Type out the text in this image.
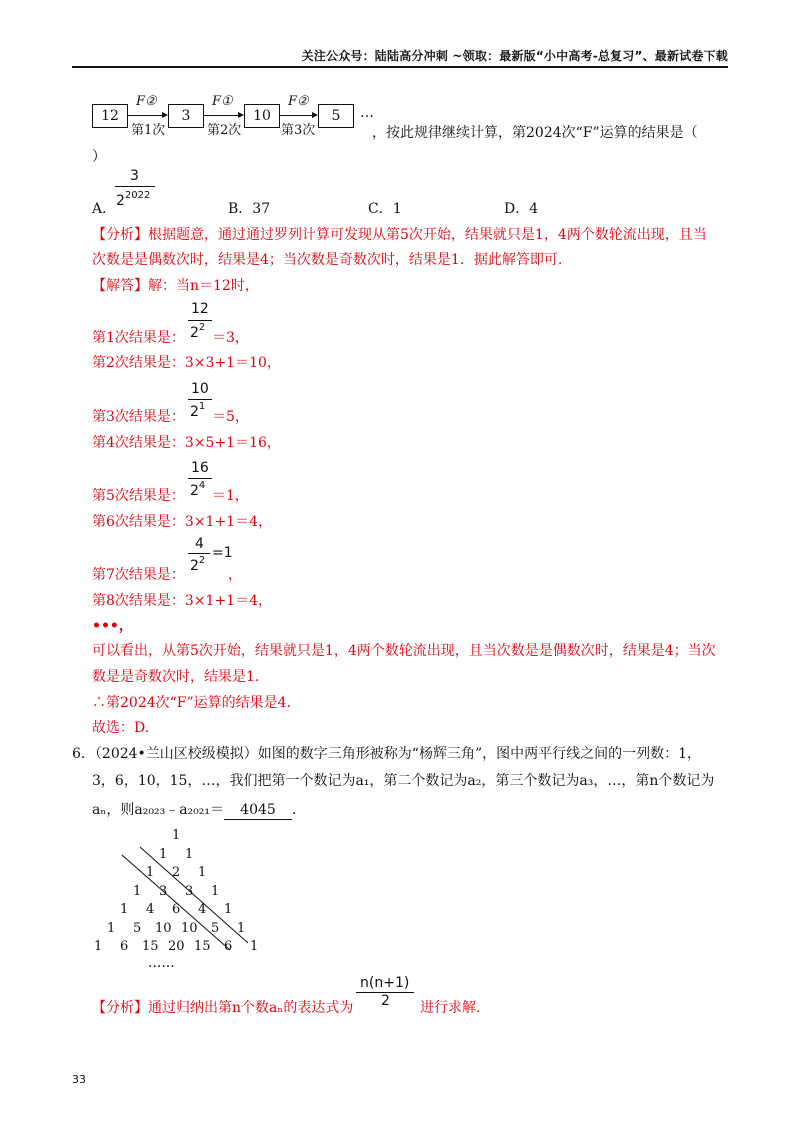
关注公众号：陆陆高分冲刺 ~领取：最新版“小中高考-总复习”、最新试卷下载
12
F②
第1次
3
F①
第2次
10
F②
第3次
5	…
，按此规律继续计算，第2024次“F”运算的结果是（
）
A．
3
$2^{2022}$
B．37	C．1	D．4
【分析】根据题意，通过通过罗列计算可发现从第5次开始，结果就只是1，4两个数轮流出现，且当
次数是是偶数次时，结果是4；当次数是奇数次时，结果是1．据此解答即可.
【解答】解：当n＝12时，
12
$2^2$
第1次结果是： ＝3，
第2次结果是：3×3+1＝10，
10
$2^1$
第3次结果是： ＝5，
第4次结果是：3×5+1＝16，
16
$2^4$
第5次结果是： ＝1，
第6次结果是：3×1+1＝4，
4
$2^2 =1$
第7次结果是：	，
第8次结果是：3×1+1＝4，
•••，
可以看出，从第5次开始，结果就只是1，4两个数轮流出现，且当次数是是偶数次时，结果是4；当次
数是是奇数次时，结果是1.
∴第2024次“F”运算的结果是4.
故选：D.
6．（2024•兰山区校级模拟）如图的数字三角形被称为“杨辉三角”，图中两平行线之间的一列数：1，
3，6，10，15，…，我们把第一个数记为a₁，第二个数记为a₂，第三个数记为a₃，…，第n个数记为
aₙ，则a₂₀₂₃﹣a₂₀₂₁＝ 4045 ．
1
1 1
1 2 1
1 3 3 1
1 4 6 4 1
1 5 10 10 5 1
1 6 15 20 15 6 1
......
【分析】通过归纳出第n个数aₙ的表达式为
n(n+1)
2 进行求解.
33
